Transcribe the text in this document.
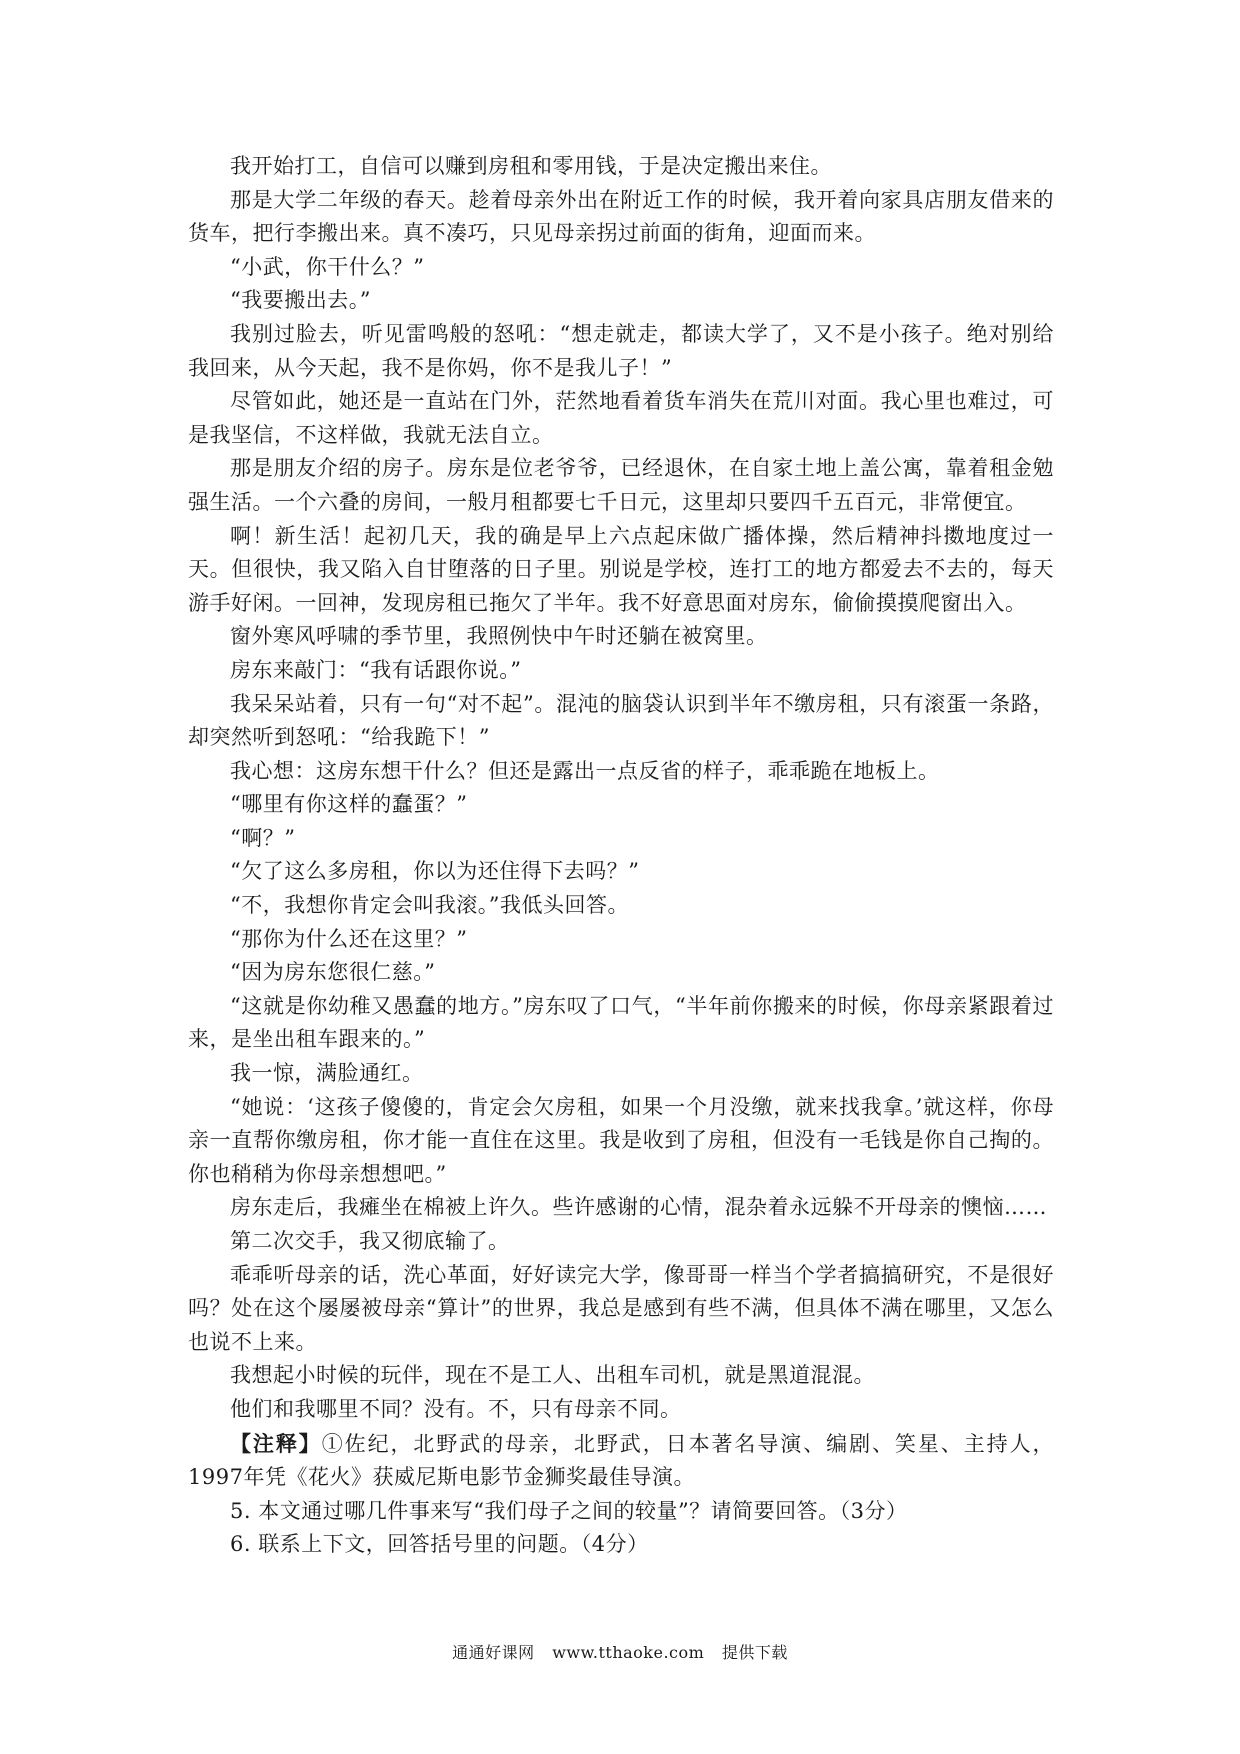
我开始打工，自信可以赚到房租和零用钱，于是决定搬出来住。

那是大学二年级的春天。趁着母亲外出在附近工作的时候，我开着向家具店朋友借来的货车，把行李搬出来。真不凑巧，只见母亲拐过前面的街角，迎面而来。

“小武，你干什么？”

“我要搬出去。”

我别过脸去，听见雷鸣般的怒吼：“想走就走，都读大学了，又不是小孩子。绝对别给我回来，从今天起，我不是你妈，你不是我儿子！”

尽管如此，她还是一直站在门外，茫然地看着货车消失在荒川对面。我心里也难过，可是我坚信，不这样做，我就无法自立。

那是朋友介绍的房子。房东是位老爷爷，已经退休，在自家土地上盖公寓，靠着租金勉强生活。一个六叠的房间，一般月租都要七千日元，这里却只要四千五百元，非常便宜。

啊！新生活！起初几天，我的确是早上六点起床做广播体操，然后精神抖擞地度过一天。但很快，我又陷入自甘堕落的日子里。别说是学校，连打工的地方都爱去不去的，每天游手好闲。一回神，发现房租已拖欠了半年。我不好意思面对房东，偷偷摸摸爬窗出入。

窗外寒风呼啸的季节里，我照例快中午时还躺在被窝里。

房东来敲门：“我有话跟你说。”

我呆呆站着，只有一句“对不起”。混沌的脑袋认识到半年不缴房租，只有滚蛋一条路，却突然听到怒吼：“给我跪下！”

我心想：这房东想干什么？但还是露出一点反省的样子，乖乖跪在地板上。

“哪里有你这样的蠢蛋？”

“啊？”

“欠了这么多房租，你以为还住得下去吗？”

“不，我想你肯定会叫我滚。”我低头回答。

“那你为什么还在这里？”

“因为房东您很仁慈。”

“这就是你幼稚又愚蠢的地方。”房东叹了口气，“半年前你搬来的时候，你母亲紧跟着过来，是坐出租车跟来的。”

我一惊，满脸通红。

“她说：‘这孩子傻傻的，肯定会欠房租，如果一个月没缴，就来找我拿。’就这样，你母亲一直帮你缴房租，你才能一直住在这里。我是收到了房租，但没有一毛钱是你自己掏的。你也稍稍为你母亲想想吧。”

房东走后，我瘫坐在棉被上许久。些许感谢的心情，混杂着永远躲不开母亲的懊恼……

第二次交手，我又彻底输了。

乖乖听母亲的话，洗心革面，好好读完大学，像哥哥一样当个学者搞搞研究，不是很好吗？处在这个屡屡被母亲“算计”的世界，我总是感到有些不满，但具体不满在哪里，又怎么也说不上来。

我想起小时候的玩伴，现在不是工人、出租车司机，就是黑道混混。

他们和我哪里不同？没有。不，只有母亲不同。

【注释】①佐纪，北野武的母亲，北野武，日本著名导演、编剧、笑星、主持人，1997年凭《花火》获威尼斯电影节金狮奖最佳导演。

5. 本文通过哪几件事来写“我们母子之间的较量”？请简要回答。（3分）

6. 联系上下文，回答括号里的问题。（4分）

通通好课网 www.tthaoke.com 提供下载
